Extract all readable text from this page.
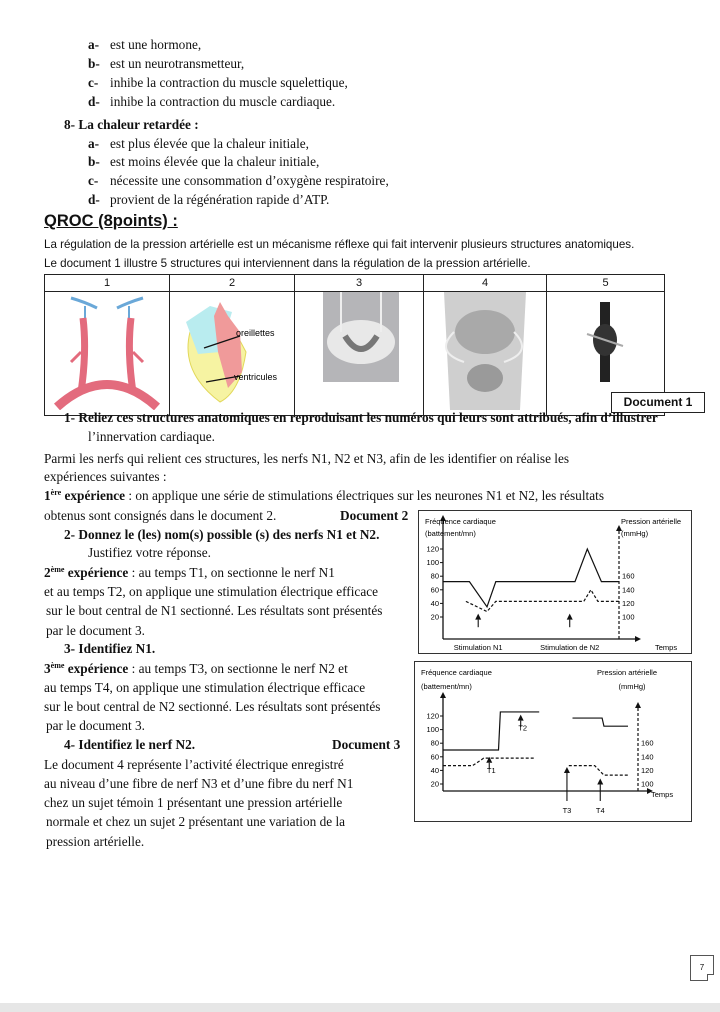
a- est une hormone,
b- est un neurotransmetteur,
c- inhibe la contraction du muscle squelettique,
d- inhibe la contraction du muscle cardiaque.
8- La chaleur retardée :
a- est plus élevée que la chaleur initiale,
b- est moins élevée que la chaleur initiale,
c- nécessite une consommation d’oxygène respiratoire,
d- provient de la régénération rapide d’ATP.
QROC (8points) :
La régulation de la pression artérielle est un mécanisme réflexe qui fait intervenir plusieurs structures anatomiques.
Le document 1 illustre 5 structures qui interviennent dans la régulation de la pression artérielle.
1	2	3	4	5

oreillettes
ventricules

Document 1
1- Reliez ces structures anatomiques en reproduisant les numéros qui leurs sont attribués, afin d’illustrer
l’innervation cardiaque.
Parmi les nerfs qui relient ces structures, les nerfs N1, N2 et N3, afin de les identifier on réalise les
expériences suivantes :
1ère expérience : on applique une série de stimulations électriques sur les neurones N1 et N2, les résultats
obtenus sont consignés dans le document 2.	Document 2
2- Donnez le (les) nom(s) possible (s) des nerfs N1 et N2.
Justifiez votre réponse.
2ème expérience : au temps T1, on sectionne le nerf N1
et au temps T2, on applique une stimulation électrique efficace
sur le bout central de N1 sectionné. Les résultats sont présentés
par le document 3.
3- Identifiez N1.
3ème expérience : au temps T3, on sectionne le nerf N2 et
au temps T4, on applique une stimulation électrique efficace
sur le bout central de N2 sectionné. Les résultats sont présentés
par le document 3.
4- Identifiez le nerf N2.	Document 3
Le document 4 représente l’activité électrique enregistré
au niveau d’une fibre de nerf N3 et d’une fibre du nerf N1
chez un sujet témoin 1 présentant une pression artérielle
normale et chez un sujet 2 présentant une variation de la
pression artérielle.
Fréquence cardiaque
(battement/mn)
Pression artérielle
(mmHg)
Temps
20
40
60
80
100
120
100
120
140
160
Stimulation N1	Stimulation de N2
Fréquence cardiaque
(battement/mn)
Pression artérielle
(mmHg)
Temps
20
40
60
80
100
120
100
120
140
160
T1
T2
T3	T4
7
